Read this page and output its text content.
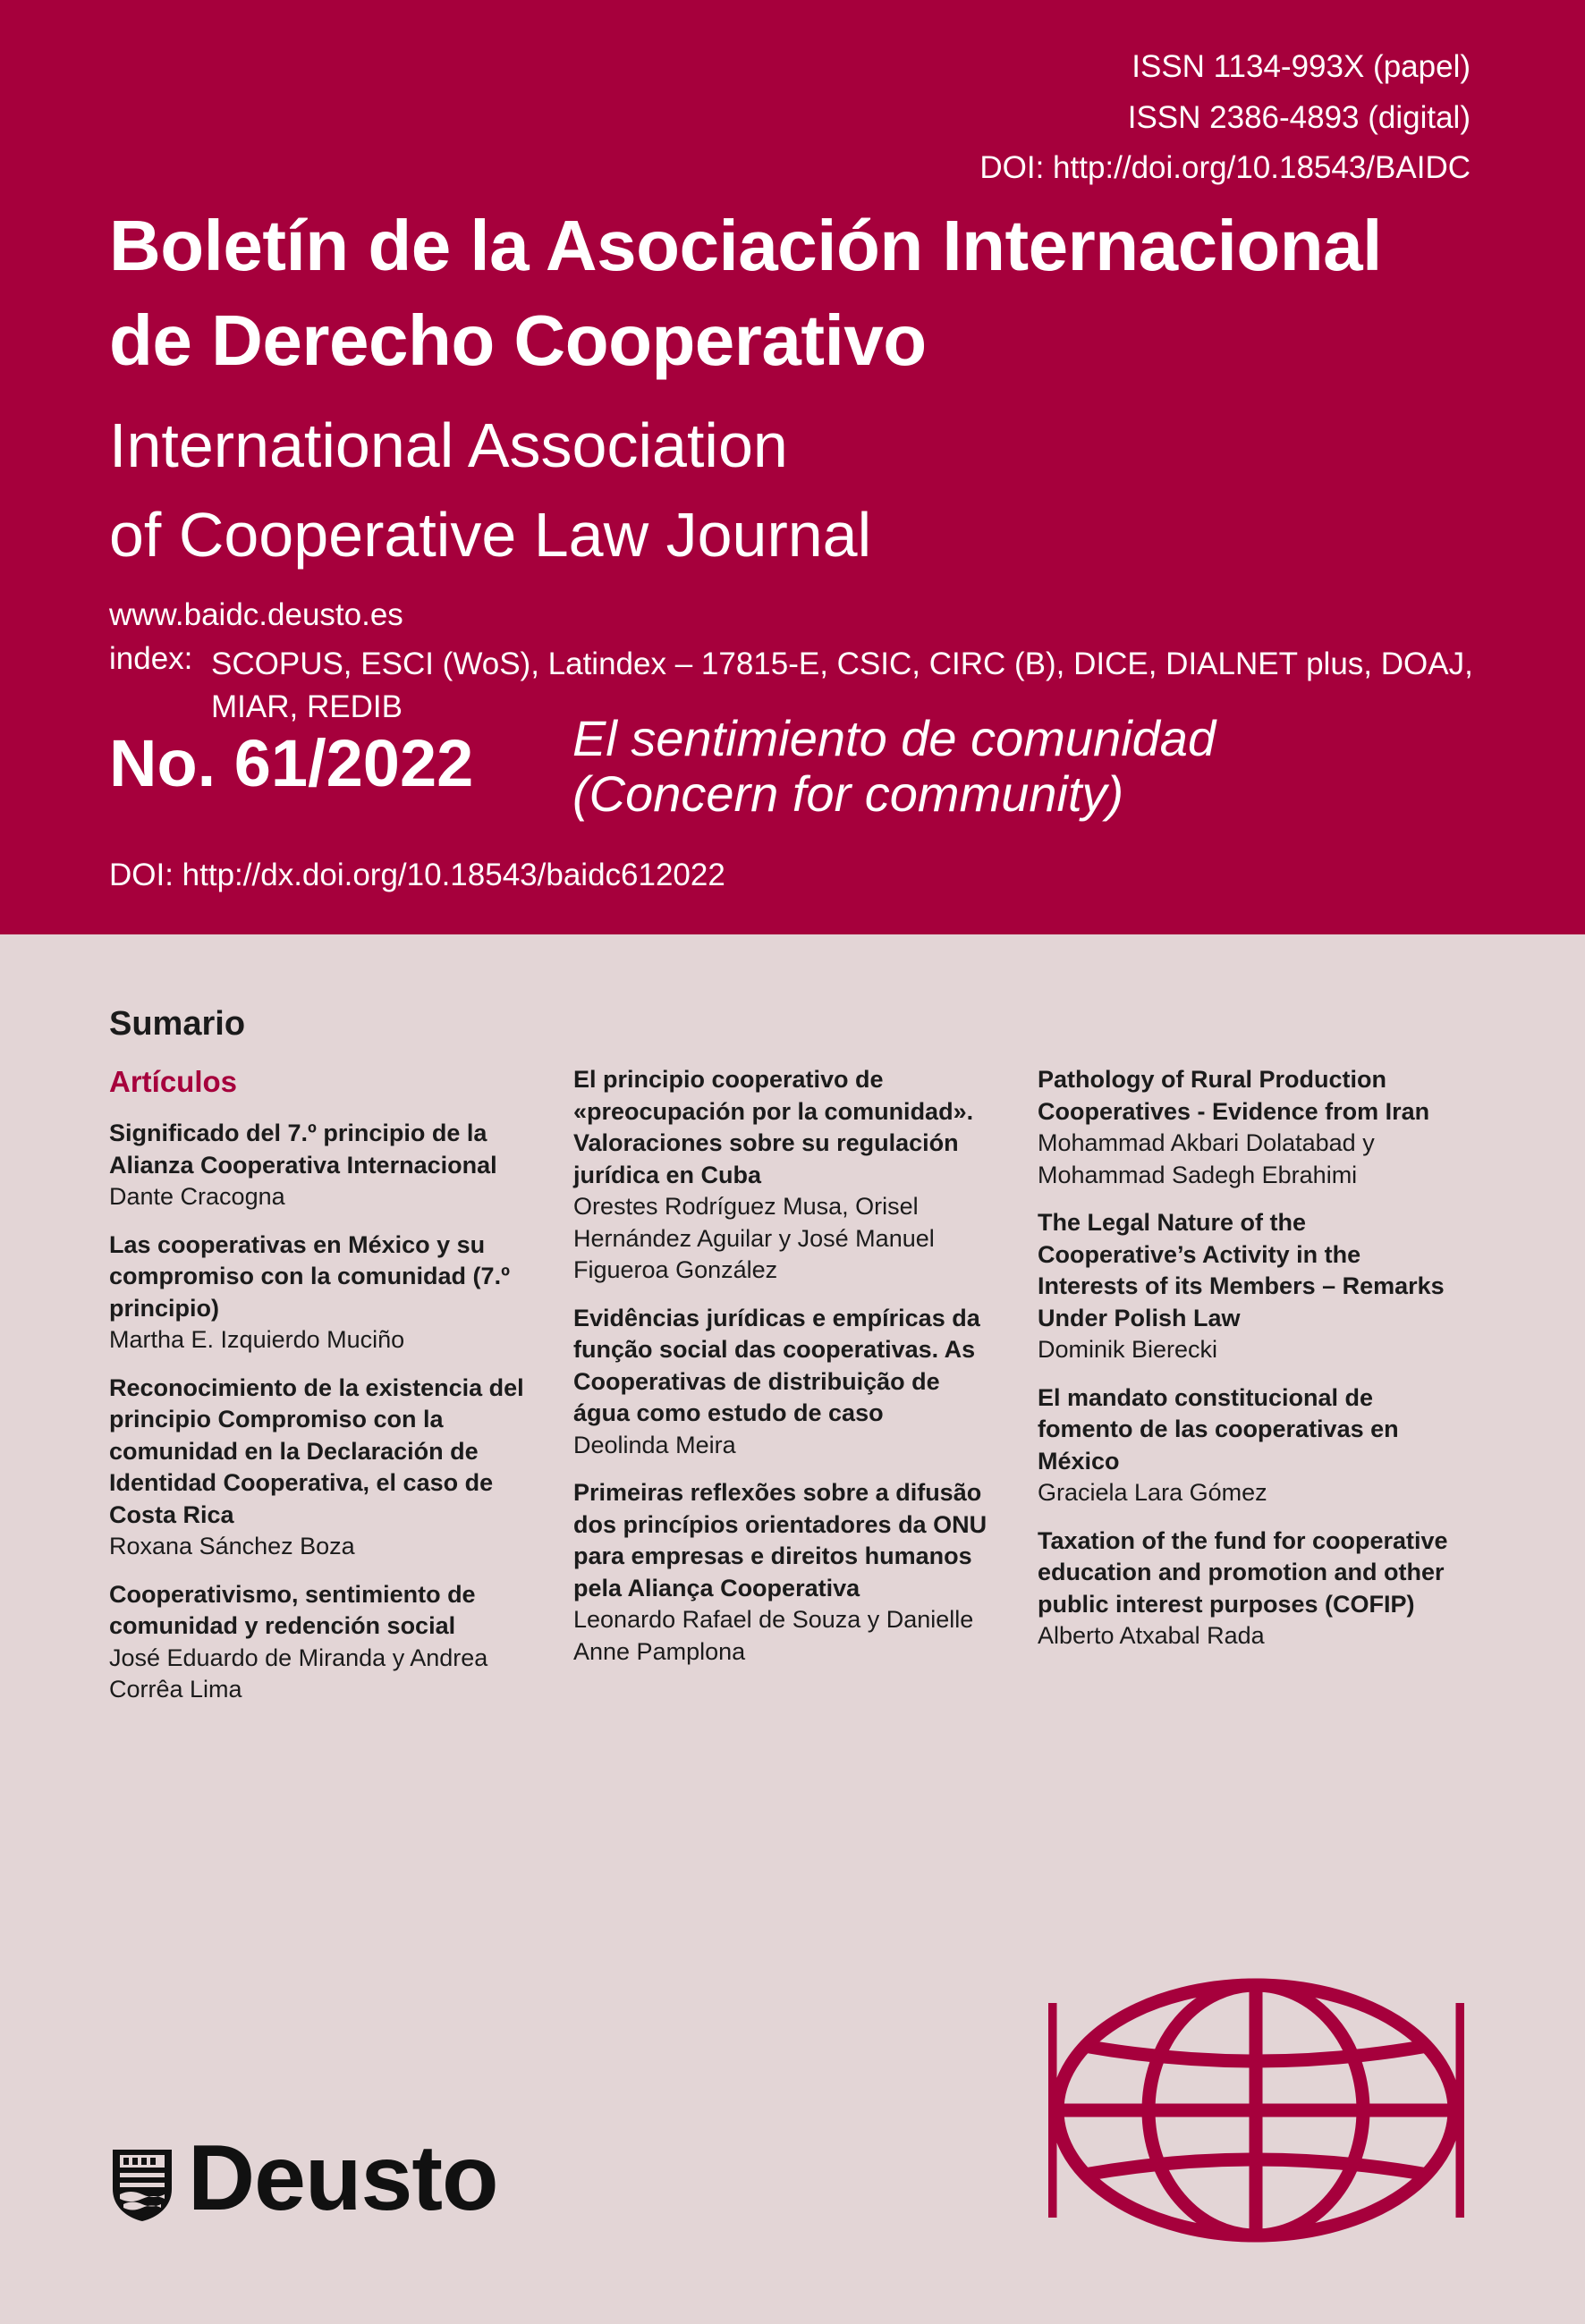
ISSN 1134-993X (papel)
ISSN 2386-4893 (digital)
DOI: http://doi.org/10.18543/BAIDC
Boletín de la Asociación Internacional
de Derecho Cooperativo
International Association
of Cooperative Law Journal
www.baidc.deusto.es
index: SCOPUS, ESCI (WoS), Latindex – 17815-E, CSIC, CIRC (B), DICE, DIALNET plus, DOAJ, MIAR, REDIB
No. 61/2022 El sentimiento de comunidad
(Concern for community)
DOI: http://dx.doi.org/10.18543/baidc612022
Sumario
Artículos
Significado del 7.º principio de la Alianza Cooperativa Internacional
Dante Cracogna
Las cooperativas en México y su compromiso con la comunidad (7.º principio)
Martha E. Izquierdo Muciño
Reconocimiento de la existencia del principio Compromiso con la comunidad en la Declaración de Identidad Cooperativa, el caso de Costa Rica
Roxana Sánchez Boza
Cooperativismo, sentimiento de comunidad y redención social
José Eduardo de Miranda y Andrea Corrêa Lima
El principio cooperativo de «preocupación por la comunidad». Valoraciones sobre su regulación jurídica en Cuba
Orestes Rodríguez Musa, Orisel Hernández Aguilar y José Manuel Figueroa González
Evidências jurídicas e empíricas da função social das cooperativas. As Cooperativas de distribuição de água como estudo de caso
Deolinda Meira
Primeiras reflexões sobre a difusão dos princípios orientadores da ONU para empresas e direitos humanos pela Aliança Cooperativa
Leonardo Rafael de Souza y Danielle Anne Pamplona
Pathology of Rural Production Cooperatives - Evidence from Iran
Mohammad Akbari Dolatabad y Mohammad Sadegh Ebrahimi
The Legal Nature of the Cooperative’s Activity in the Interests of its Members – Remarks Under Polish Law
Dominik Bierecki
El mandato constitucional de fomento de las cooperativas en México
Graciela Lara Gómez
Taxation of the fund for cooperative education and promotion and other public interest purposes (COFIP)
Alberto Atxabal Rada
Deusto
